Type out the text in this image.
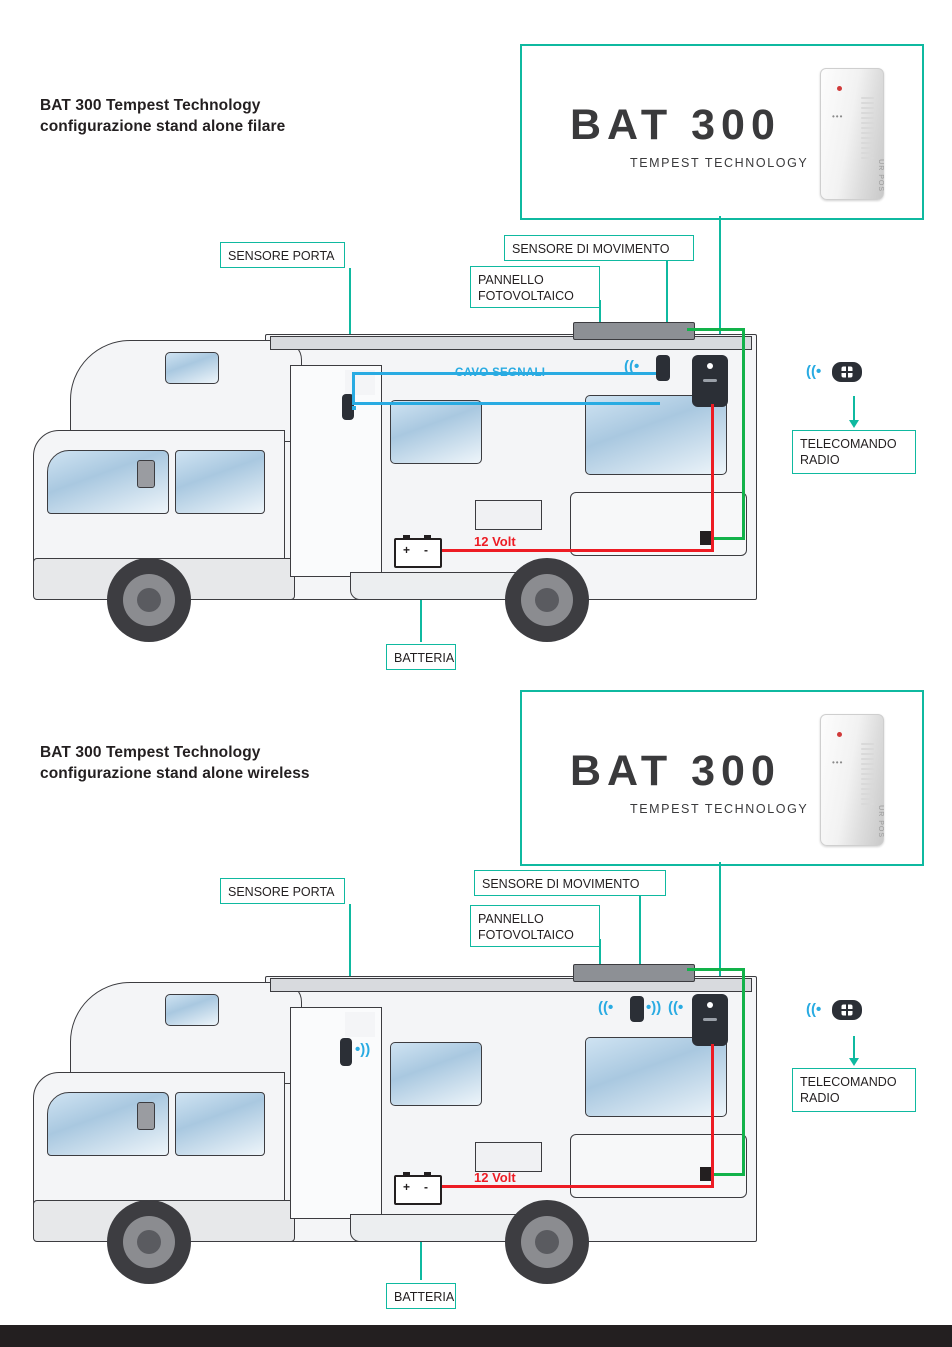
BAT 300 Tempest Technology
configurazione stand alone filare	BAT 300
TEMPEST TECHNOLOGY
•••
UR POS
SENSORE PORTA	SENSORE DI MOVIMENTO
PANNELLO
FOTOVOLTAICO
TELECOMANDO
RADIO
BATTERIA
CAVO SEGNALI	((•
12 Volt
+ -
((•
BAT 300 Tempest Technology
configurazione stand alone wireless	BAT 300
TEMPEST TECHNOLOGY
•••
UR POS
SENSORE PORTA
SENSORE DI MOVIMENTO
PANNELLO
FOTOVOLTAICO
TELECOMANDO
RADIO
BATTERIA
•))
((• •)) ((•
12 Volt
+ -
((•
